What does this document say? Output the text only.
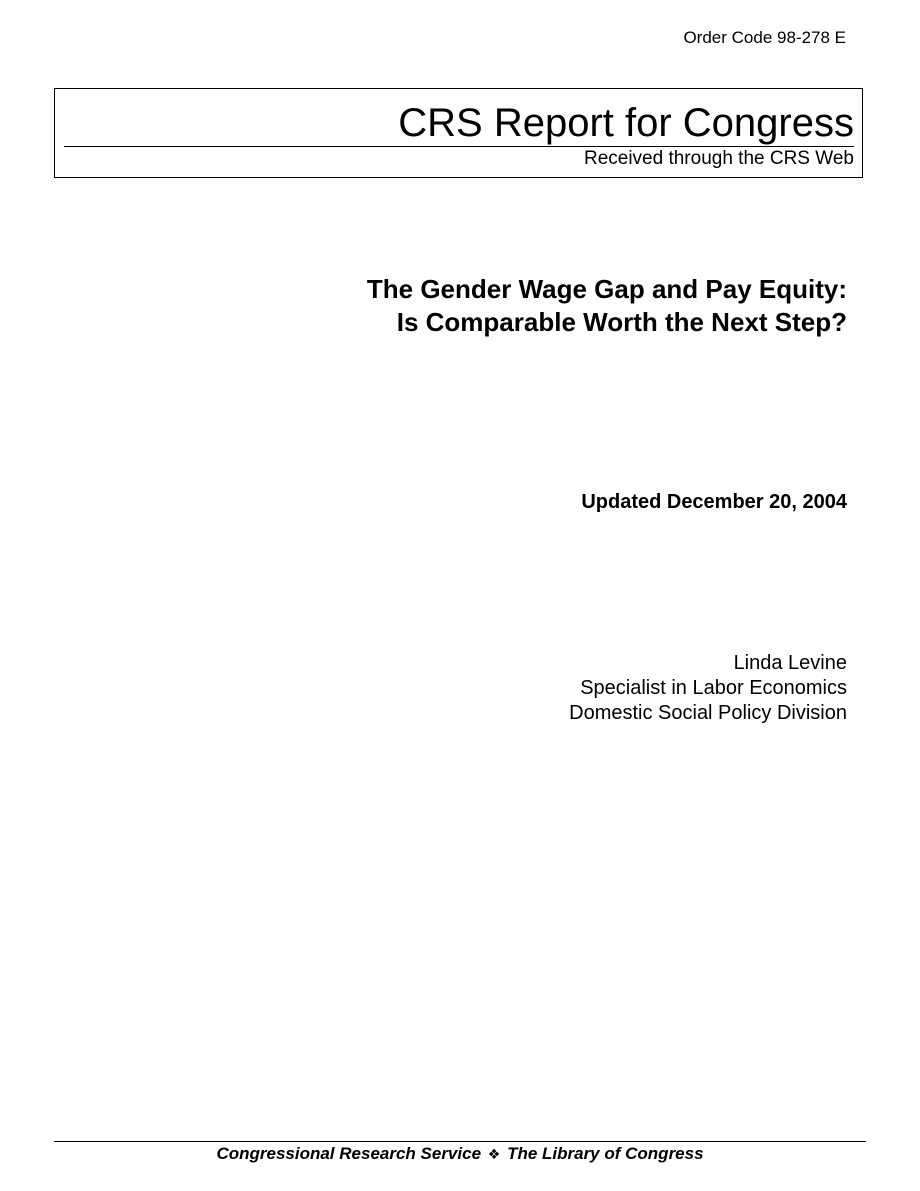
Order Code 98-278 E
CRS Report for Congress
Received through the CRS Web
The Gender Wage Gap and Pay Equity:
Is Comparable Worth the Next Step?
Updated December 20, 2004
Linda Levine
Specialist in Labor Economics
Domestic Social Policy Division
Congressional Research Service ❖ The Library of Congress
